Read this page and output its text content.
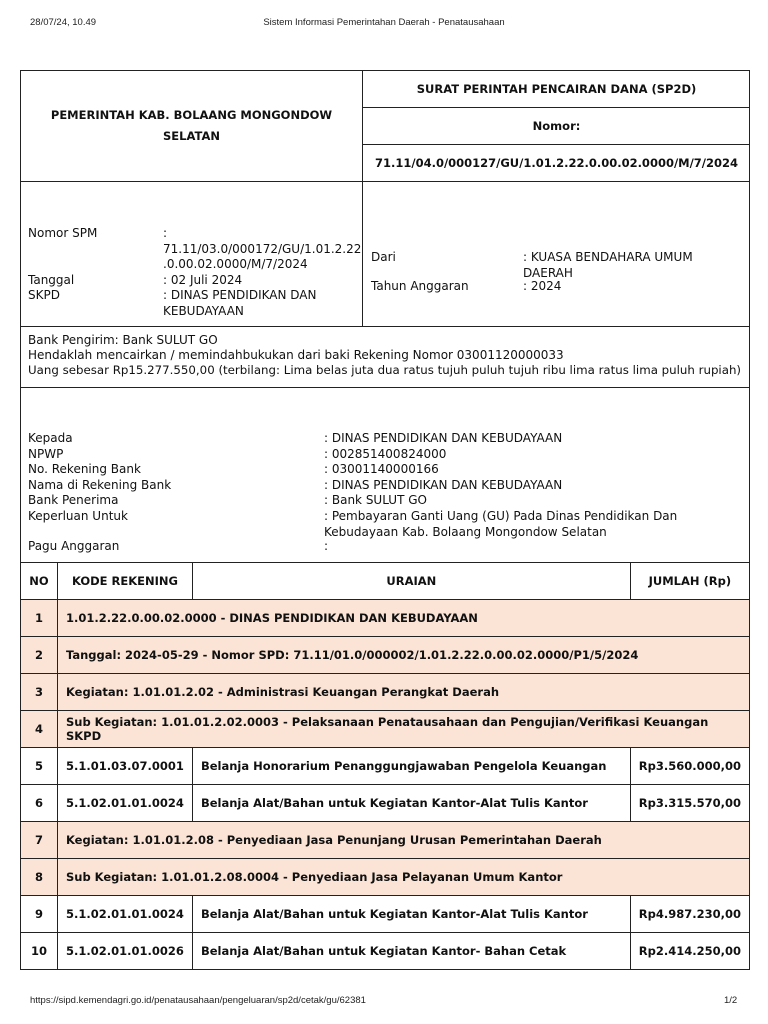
28/07/24, 10.49	Sistem Informasi Pemerintahan Daerah - Penatausahaan
PEMERINTAH KAB. BOLAANG MONGONDOW
SELATAN
SURAT PERINTAH PENCAIRAN DANA (SP2D)
Nomor:
71.11/04.0/000127/GU/1.01.2.22.0.00.02.0000/M/7/2024
Nomor SPM	: 71.11/03.0/000172/GU/1.01.2.22 .0.00.02.0000/M/7/2024
Tanggal	: 02 Juli 2024
SKPD	: DINAS PENDIDIKAN DAN KEBUDAYAAN
Dari	: KUASA BENDAHARA UMUM DAERAH
Tahun Anggaran	: 2024
Bank Pengirim: Bank SULUT GO
Hendaklah mencairkan / memindahbukukan dari baki Rekening Nomor 03001120000033
Uang sebesar Rp15.277.550,00 (terbilang: Lima belas juta dua ratus tujuh puluh tujuh ribu lima ratus lima puluh rupiah)
Kepada	: DINAS PENDIDIKAN DAN KEBUDAYAAN
NPWP	: 002851400824000
No. Rekening Bank	: 03001140000166
Nama di Rekening Bank	: DINAS PENDIDIKAN DAN KEBUDAYAAN
Bank Penerima	: Bank SULUT GO
Keperluan Untuk	: Pembayaran Ganti Uang (GU) Pada Dinas Pendidikan Dan Kebudayaan Kab. Bolaang Mongondow Selatan
Pagu Anggaran	:
NO	KODE REKENING	URAIAN	JUMLAH (Rp)
1	1.01.2.22.0.00.02.0000 - DINAS PENDIDIKAN DAN KEBUDAYAAN		
2	Tanggal: 2024-05-29 - Nomor SPD: 71.11/01.0/000002/1.01.2.22.0.00.02.0000/P1/5/2024		
3	Kegiatan: 1.01.01.2.02 - Administrasi Keuangan Perangkat Daerah		
4	Sub Kegiatan: 1.01.01.2.02.0003 - Pelaksanaan Penatausahaan dan Pengujian/Verifikasi Keuangan SKPD		
5	5.1.01.03.07.0001	Belanja Honorarium Penanggungjawaban Pengelola Keuangan	Rp3.560.000,00
6	5.1.02.01.01.0024	Belanja Alat/Bahan untuk Kegiatan Kantor-Alat Tulis Kantor	Rp3.315.570,00
7	Kegiatan: 1.01.01.2.08 - Penyediaan Jasa Penunjang Urusan Pemerintahan Daerah		
8	Sub Kegiatan: 1.01.01.2.08.0004 - Penyediaan Jasa Pelayanan Umum Kantor		
9	5.1.02.01.01.0024	Belanja Alat/Bahan untuk Kegiatan Kantor-Alat Tulis Kantor	Rp4.987.230,00
10	5.1.02.01.01.0026	Belanja Alat/Bahan untuk Kegiatan Kantor- Bahan Cetak	Rp2.414.250,00
https://sipd.kemendagri.go.id/penatausahaan/pengeluaran/sp2d/cetak/gu/62381	1/2
